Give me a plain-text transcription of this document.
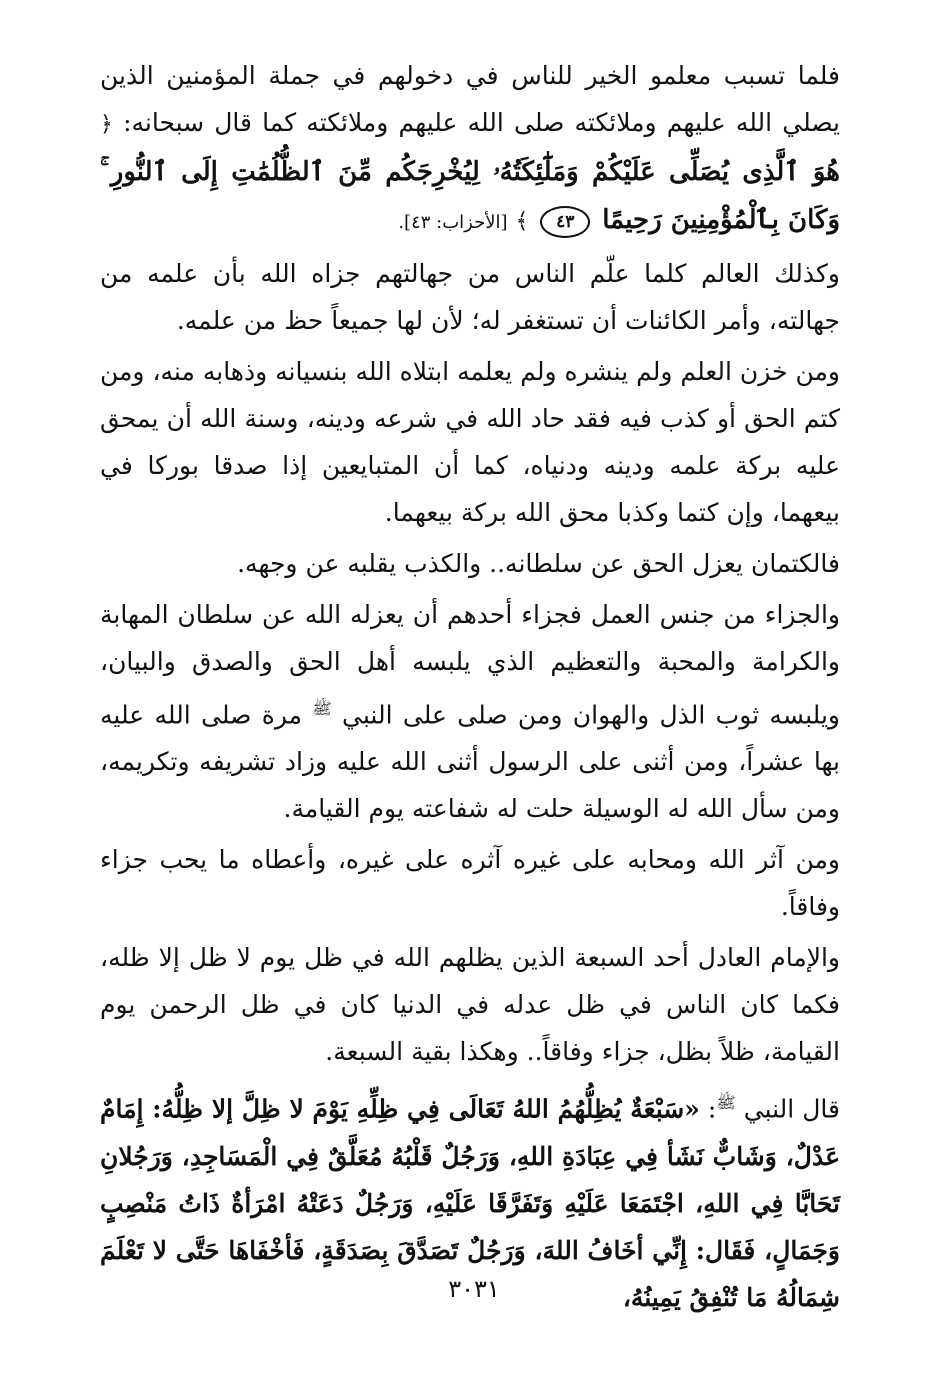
فلما تسبب معلمو الخير للناس في دخولهم في جملة المؤمنين الذين يصلي الله عليهم وملائكته صلى الله عليهم وملائكته كما قال سبحانه: ﴿ هُوَ ٱلَّذِى يُصَلِّى عَلَيْكُمْ وَمَلَٰٓئِكَتُهُۥ لِيُخْرِجَكُم مِّنَ ٱلظُّلُمَٰتِ إِلَى ٱلنُّورِ ۚ وَكَانَ بِٱلْمُؤْمِنِينَ رَحِيمًا ٤٣ ﴾ [الأحزاب: ٤٣].

وكذلك العالم كلما علّم الناس من جهالتهم جزاه الله بأن علمه من جهالته، وأمر الكائنات أن تستغفر له؛ لأن لها جميعاً حظ من علمه.

ومن خزن العلم ولم ينشره ولم يعلمه ابتلاه الله بنسيانه وذهابه منه، ومن كتم الحق أو كذب فيه فقد حاد الله في شرعه ودينه، وسنة الله أن يمحق عليه بركة علمه ودينه ودنياه، كما أن المتبايعين إذا صدقا بوركا في بيعهما، وإن كتما وكذبا محق الله بركة بيعهما.

فالكتمان يعزل الحق عن سلطانه.. والكذب يقلبه عن وجهه.

والجزاء من جنس العمل فجزاء أحدهم أن يعزله الله عن سلطان المهابة والكرامة والمحبة والتعظيم الذي يلبسه أهل الحق والصدق والبيان، ويلبسه ثوب الذل والهوان ومن صلى على النبي $^ﷺ$ مرة صلى الله عليه بها عشراً، ومن أثنى على الرسول أثنى الله عليه وزاد تشريفه وتكريمه، ومن سأل الله له الوسيلة حلت له شفاعته يوم القيامة.

ومن آثر الله ومحابه على غيره آثره على غيره، وأعطاه ما يحب جزاء وفاقاً.

والإمام العادل أحد السبعة الذين يظلهم الله في ظل يوم لا ظل إلا ظله، فكما كان الناس في ظل عدله في الدنيا كان في ظل الرحمن يوم القيامة، ظلاً بظل، جزاء وفاقاً.. وهكذا بقية السبعة.

قال النبي $^ﷺ$: «سَبْعَةٌ يُظِلُّهُمُ اللهُ تَعَالَى فِي ظِلِّهِ يَوْمَ لا ظِلَّ إلا ظِلُّهُ: إِمَامٌ عَدْلٌ، وَشَابٌّ نَشَأ فِي عِبَادَةِ اللهِ، وَرَجُلٌ قَلْبُهُ مُعَلَّقٌ فِي الْمَسَاجِدِ، وَرَجُلانِ تَحَابَّا فِي اللهِ، اجْتَمَعَا عَلَيْهِ وَتَفَرَّقَا عَلَيْهِ، وَرَجُلٌ دَعَتْهُ امْرَأةٌ ذَاتُ مَنْصِبٍ وَجَمَالٍ، فَقَال: إِنِّي أخَافُ اللهَ، وَرَجُلٌ تَصَدَّقَ بِصَدَقَةٍ، فَأخْفَاهَا حَتَّى لا تَعْلَمَ شِمَالُهُ مَا تُنْفِقُ يَمِينُهُ،

٣٠٣١
